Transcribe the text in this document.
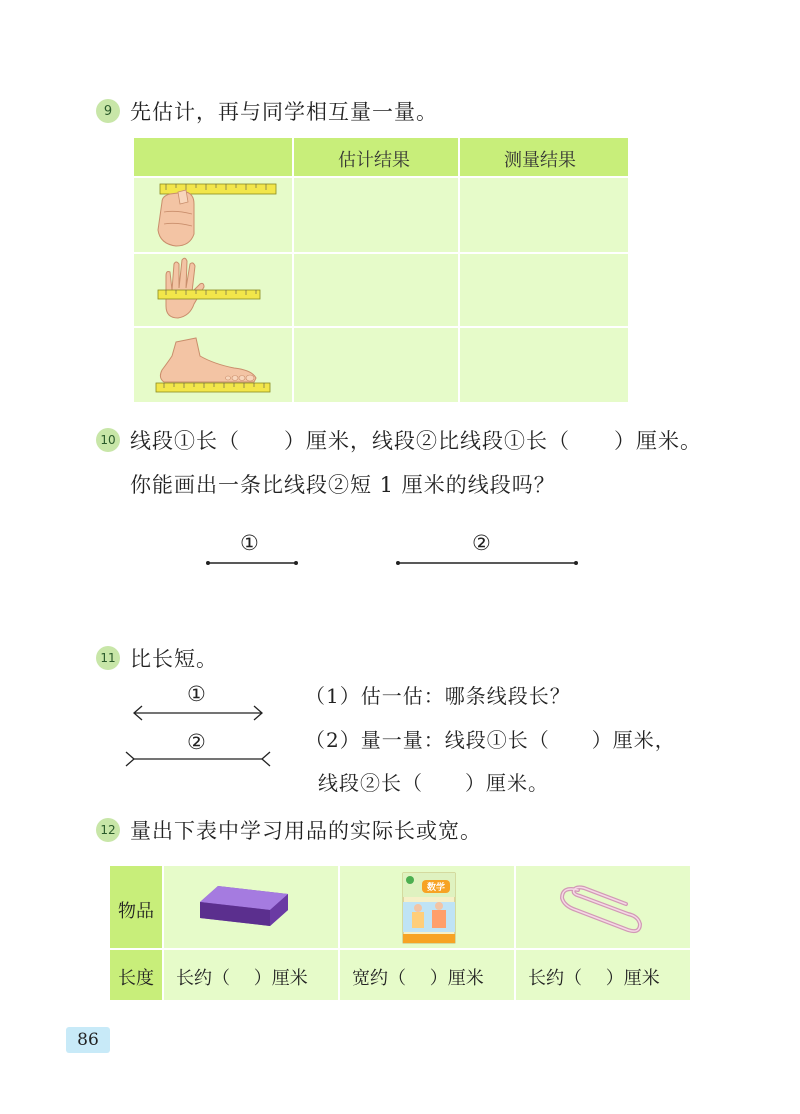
9 先估计，再与同学相互量一量。
估计结果	测量结果
10 线段①长（　　）厘米，线段②比线段①长（　　）厘米。
你能画出一条比线段②短 1 厘米的线段吗？
①	②
11 比长短。
①
②
（1）估一估：哪条线段长？
（2）量一量：线段①长（　　）厘米，
线段②长（　　）厘米。
12 量出下表中学习用品的实际长或宽。
物品
长度
数学
长约（　 ）厘米 宽约（　 ）厘米 长约（　 ）厘米
86
